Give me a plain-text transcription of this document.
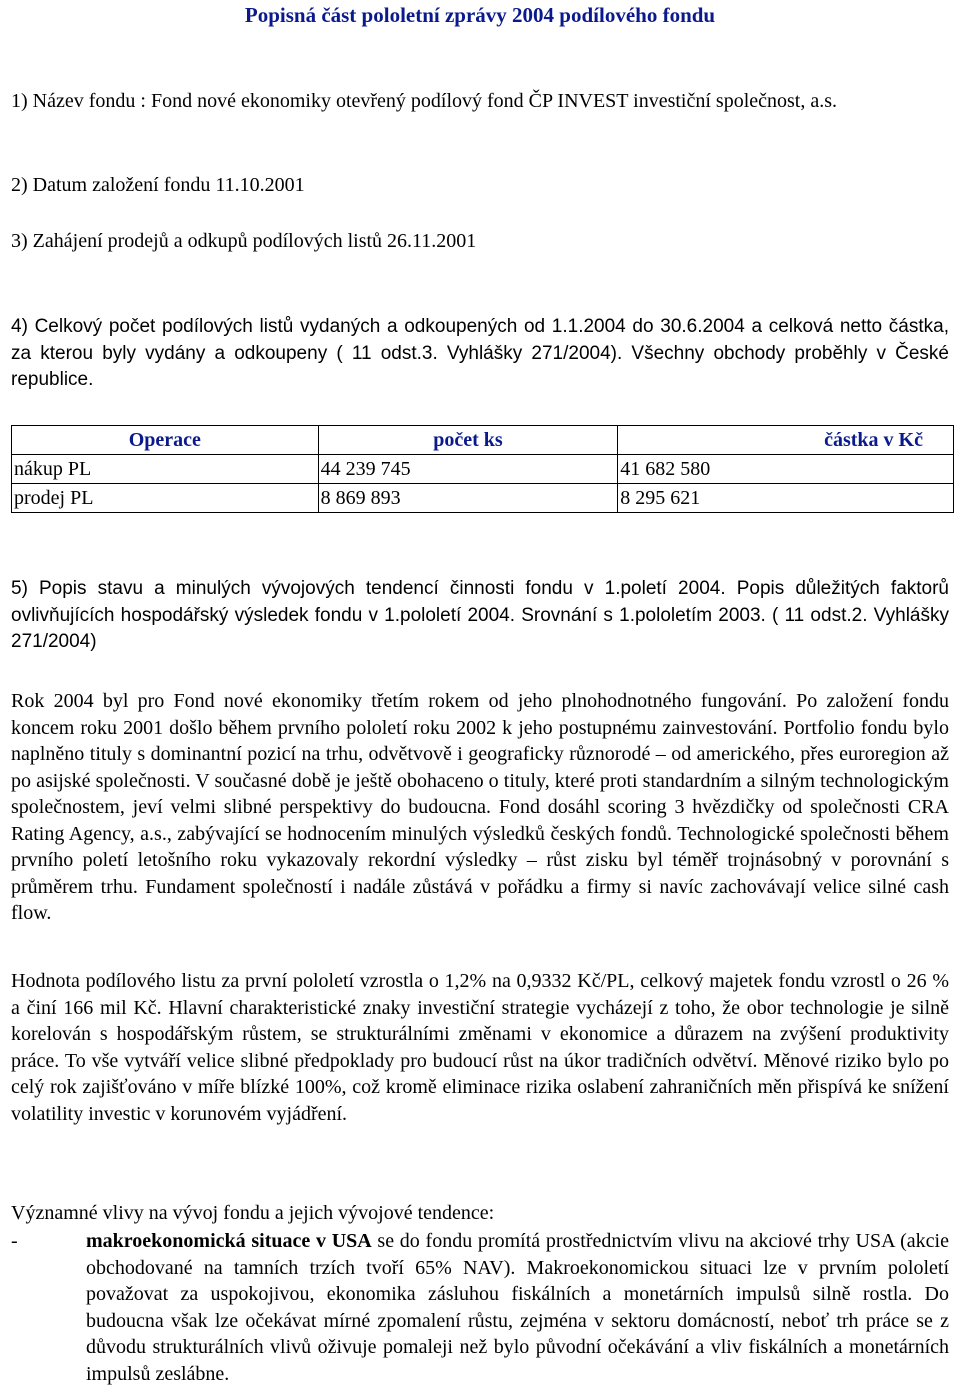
Popisná část pololetní zprávy 2004 podílového fondu

1) Název fondu : Fond nové ekonomiky otevřený podílový fond ČP INVEST investiční společnost, a.s.

2) Datum založení fondu 11.10.2001

3) Zahájení prodejů a odkupů podílových listů 26.11.2001

4) Celkový počet podílových listů vydaných a odkoupených od 1.1.2004 do 30.6.2004 a celková netto částka, za kterou byly vydány a odkoupeny ( 11 odst.3. Vyhlášky 271/2004). Všechny obchody proběhly v České republice.

Operace	počet ks	částka v Kč
nákup PL	44 239 745	41 682 580
prodej PL	8 869 893	8 295 621

5) Popis stavu a minulých vývojových tendencí činnosti fondu v 1.poletí 2004. Popis důležitých faktorů ovlivňujících hospodářský výsledek fondu v 1.pololetí 2004. Srovnání s 1.pololetím 2003. ( 11 odst.2. Vyhlášky 271/2004)

Rok 2004 byl pro Fond nové ekonomiky třetím rokem od jeho plnohodnotného fungování. Po založení fondu koncem roku 2001 došlo během prvního pololetí roku 2002 k jeho postupnému zainvestování. Portfolio fondu bylo naplněno tituly s dominantní pozicí na trhu, odvětvově i geograficky různorodé – od amerického, přes euroregion až po asijské společnosti. V současné době je ještě obohaceno o tituly, které proti standardním a silným technologickým společnostem, jeví velmi slibné perspektivy do budoucna. Fond dosáhl scoring 3 hvězdičky od společnosti CRA Rating Agency, a.s., zabývající se hodnocením minulých výsledků českých fondů. Technologické společnosti během prvního poletí letošního roku vykazovaly rekordní výsledky – růst zisku byl téměř trojnásobný v porovnání s průměrem trhu. Fundament společností i nadále zůstává v pořádku a firmy si navíc zachovávají velice silné cash flow.

Hodnota podílového listu za první pololetí vzrostla o 1,2% na 0,9332 Kč/PL, celkový majetek fondu vzrostl o 26 % a činí 166 mil Kč. Hlavní charakteristické znaky investiční strategie vycházejí z toho, že obor technologie je silně korelován s hospodářským růstem, se strukturálními změnami v ekonomice a důrazem na zvýšení produktivity práce. To vše vytváří velice slibné předpoklady pro budoucí růst na úkor tradičních odvětví. Měnové riziko bylo po celý rok zajišťováno v míře blízké 100%, což kromě eliminace rizika oslabení zahraničních měn přispívá ke snížení volatility investic v korunovém vyjádření.

Významné vlivy na vývoj fondu a jejich vývojové tendence:

-	makroekonomická situace v USA se do fondu promítá prostřednictvím vlivu na akciové trhy USA (akcie obchodované na tamních trzích tvoří 65% NAV). Makroekonomickou situaci lze v prvním pololetí považovat za uspokojivou, ekonomika zásluhou fiskálních a monetárních impulsů silně rostla. Do budoucna však lze očekávat mírné zpomalení růstu, zejména v sektoru domácností, neboť trh práce se z důvodu strukturálních vlivů oživuje pomaleji než bylo původní očekávání a vliv fiskálních a monetárních impulsů zeslábne.
